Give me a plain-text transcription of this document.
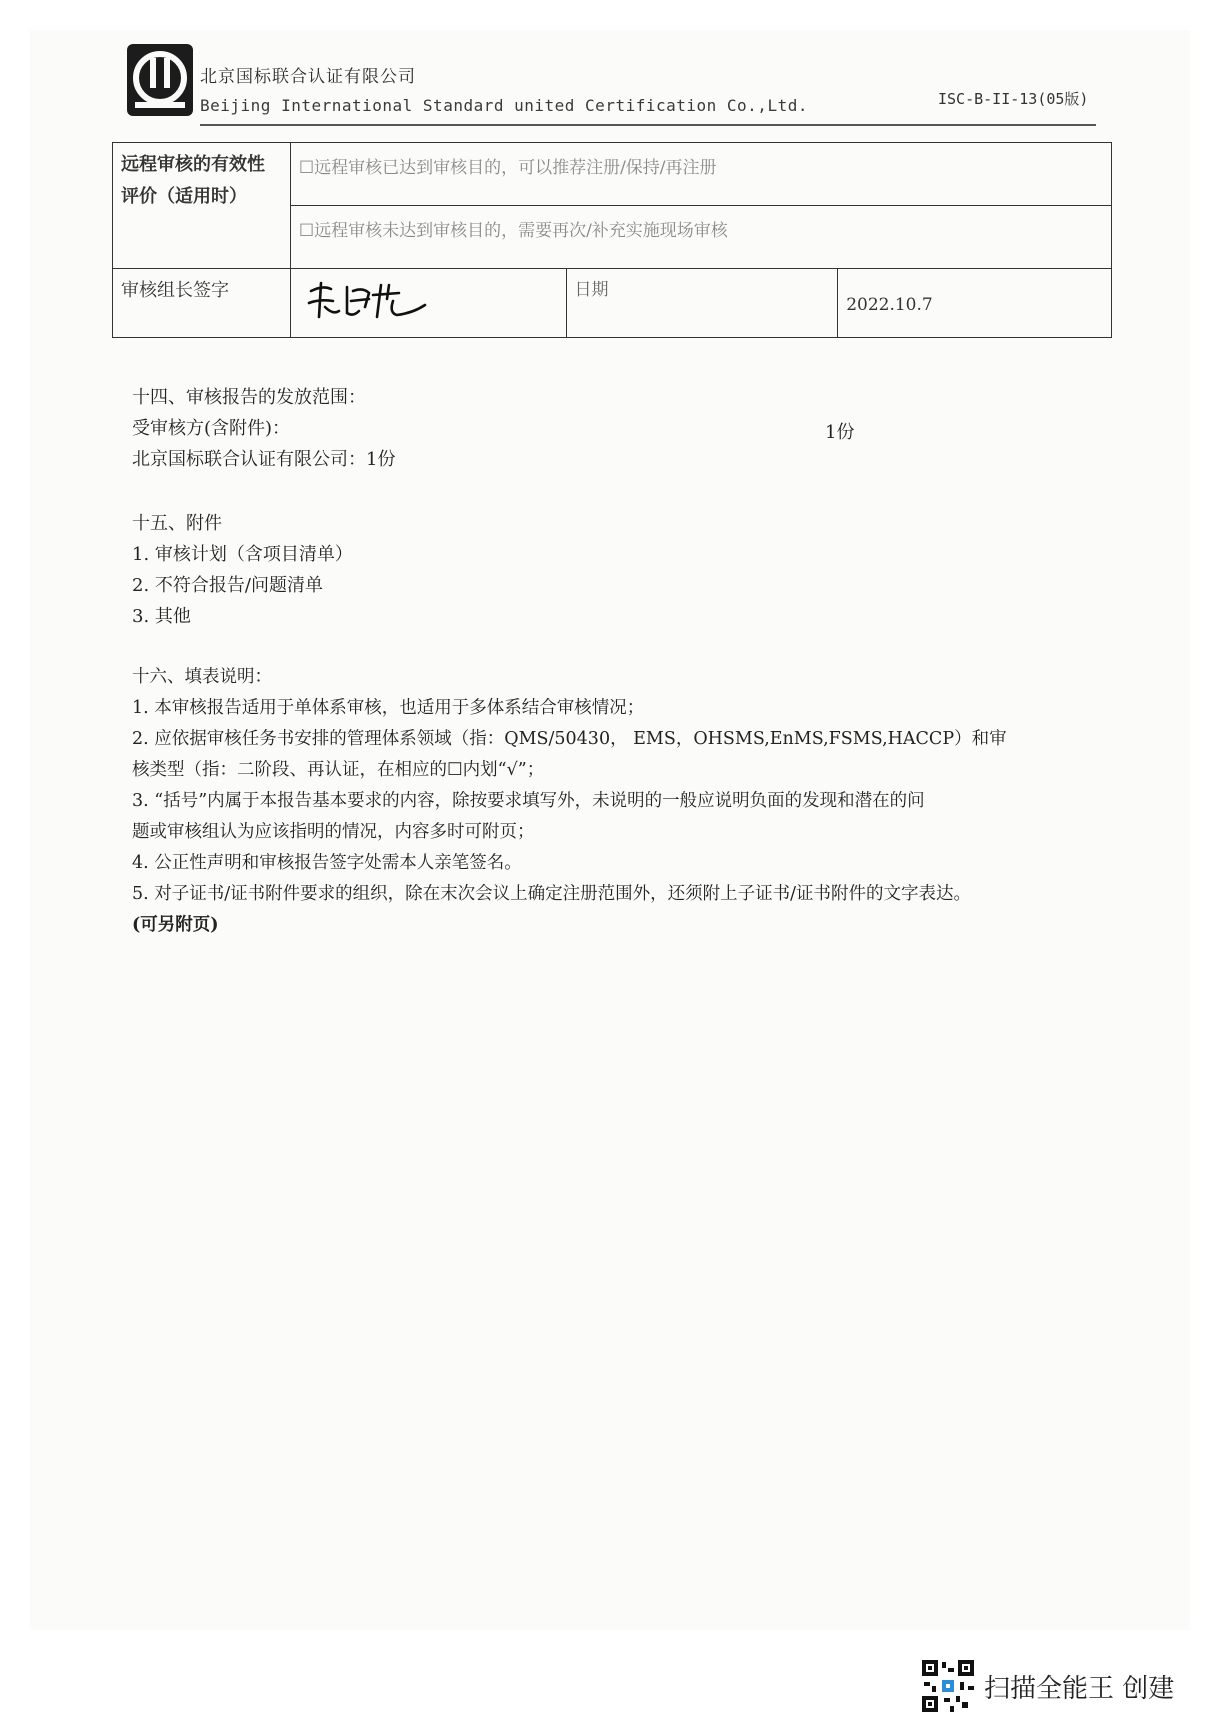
北京国标联合认证有限公司
Beijing International Standard united Certification Co.,Ltd.	ISC-B-II-13(05版)
远程审核的有效性
评价（适用时）	☐远程审核已达到审核目的，可以推荐注册/保持/再注册		
	☐远程审核未达到审核目的，需要再次/补充实施现场审核		
审核组长签字		日期	2022.10.7
十四、审核报告的发放范围：
受审核方(含附件)：
北京国标联合认证有限公司：1份
1份
十五、附件
1. 审核计划（含项目清单）
2. 不符合报告/问题清单
3. 其他
十六、填表说明：
1. 本审核报告适用于单体系审核，也适用于多体系结合审核情况；
2. 应依据审核任务书安排的管理体系领域（指：QMS/50430， EMS，OHSMS,EnMS,FSMS,HACCP）和审
核类型（指：二阶段、再认证，在相应的☐内划“√”；
3. “括号”内属于本报告基本要求的内容，除按要求填写外，未说明的一般应说明负面的发现和潜在的问
题或审核组认为应该指明的情况，内容多时可附页；
4. 公正性声明和审核报告签字处需本人亲笔签名。
5. 对子证书/证书附件要求的组织，除在末次会议上确定注册范围外，还须附上子证书/证书附件的文字表达。
(可另附页)
扫描全能王 创建
